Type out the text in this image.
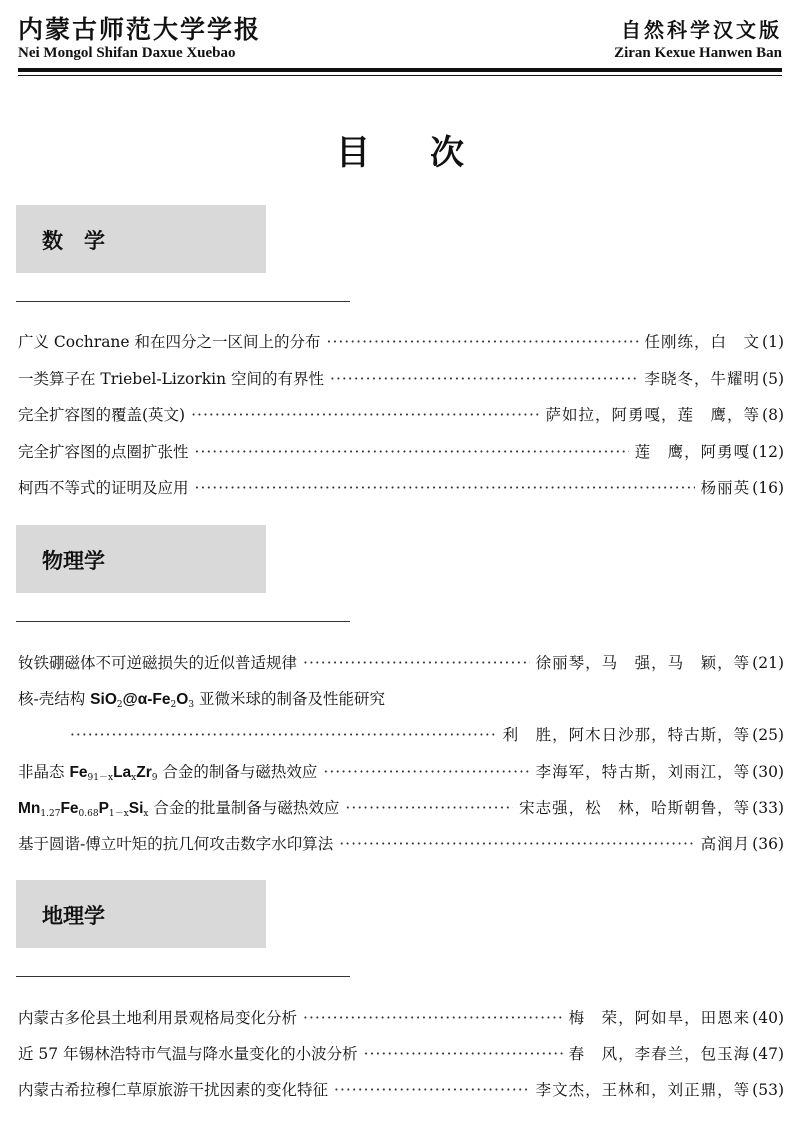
内蒙古师范大学学报
Nei Mongol Shifan Daxue Xuebao
自然科学汉文版
Ziran Kexue Hanwen Ban
目次
数　学
广义 Cochrane 和在四分之一区间上的分布 ·····	任刚练，白　文 (1)
一类算子在 Triebel-Lizorkin 空间的有界性 ·····	李晓冬，牛耀明 (5)
完全扩容图的覆盖(英文) ·····	萨如拉，阿勇嘎，莲　鹰，等 (8)
完全扩容图的点圈扩张性 ·····	莲　鹰，阿勇嘎 (12)
柯西不等式的证明及应用 ·····	杨丽英 (16)
物理学
钕铁硼磁体不可逆磁损失的近似普适规律 ·····	徐丽琴，马　强，马　颖，等 (21)
核-壳结构 $SiO_2@\alpha-Fe_2O_3$ 亚微米球的制备及性能研究
·····
利　胜，阿木日沙那，特古斯，等 (25)
非晶态 $Fe_{91-x}La_xZr_9$ 合金的制备与磁热效应 ·····	李海军，特古斯，刘雨江，等 (30)
$Mn_{1.27}Fe_{0.68}P_{1-x}Si_x$ 合金的批量制备与磁热效应 ·····	宋志强，松　林，哈斯朝鲁，等 (33)
基于圆谐-傅立叶矩的抗几何攻击数字水印算法 ·····	高润月 (36)
地理学
内蒙古多伦县土地利用景观格局变化分析 ·····	梅　荣，阿如旱，田恩来 (40)
近 57 年锡林浩特市气温与降水量变化的小波分析 ·····	春　风，李春兰，包玉海 (47)
内蒙古希拉穆仁草原旅游干扰因素的变化特征 ·····	李文杰，王林和，刘正鼎，等 (53)
